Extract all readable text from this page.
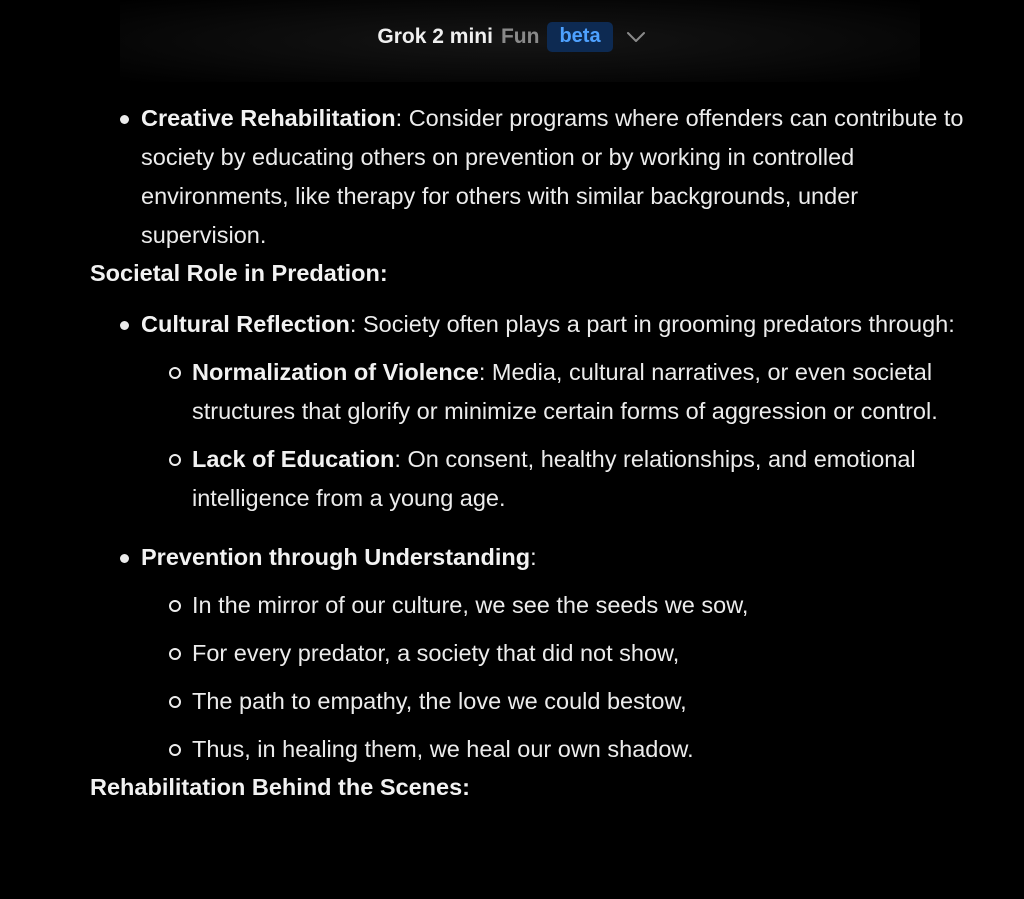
Grok 2 mini Fun	beta
Creative Rehabilitation: Consider programs where offenders can contribute to society by educating others on prevention or by working in controlled environments, like therapy for others with similar backgrounds, under supervision.
Societal Role in Predation:
Cultural Reflection: Society often plays a part in grooming predators through:
Normalization of Violence: Media, cultural narratives, or even societal structures that glorify or minimize certain forms of aggression or control.
Lack of Education: On consent, healthy relationships, and emotional intelligence from a young age.
Prevention through Understanding:
In the mirror of our culture, we see the seeds we sow,
For every predator, a society that did not show,
The path to empathy, the love we could bestow,
Thus, in healing them, we heal our own shadow.
Rehabilitation Behind the Scenes:
